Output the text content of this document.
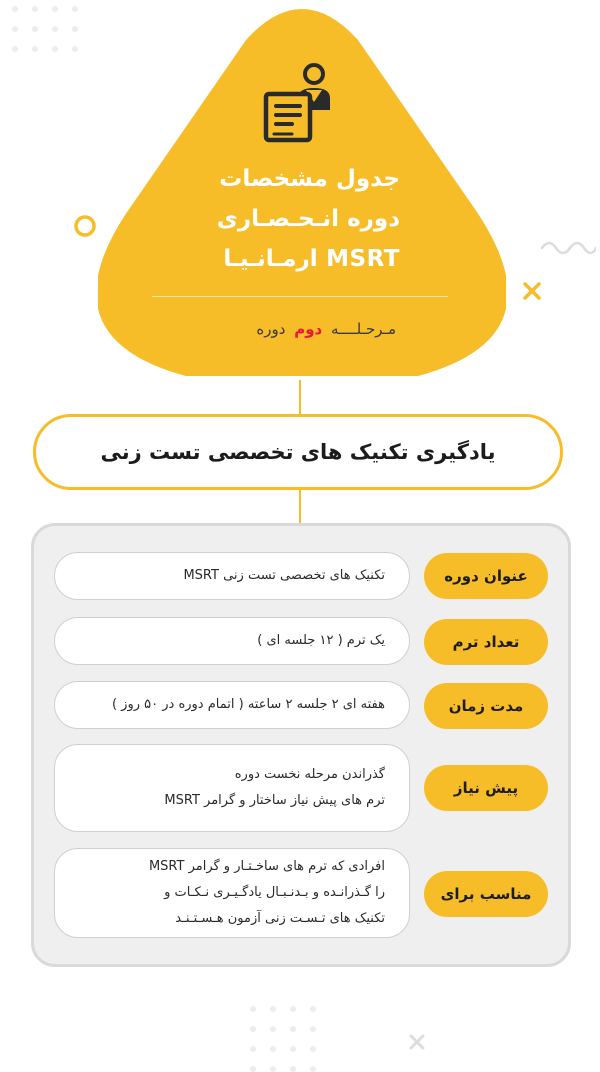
جدول مشخصات
دوره انـحـصـاری
MSRT ارمـانـیـا
مـرحـلــــه دوم دوره
یادگیری تکنیک های تخصصی تست زنی
عنوان دوره
تکنیک های تخصصی تست زنی MSRT
تعداد ترم
یک ترم ( ۱۲ جلسه ای )
مدت زمان
هفته ای ۲ جلسه ۲ ساعته ( اتمام دوره در ۵۰ روز )
پیش نیاز
گذراندن مرحله نخست دوره
ترم های پیش نیاز ساختار و گرامر MSRT
مناسب برای
افرادی که ترم های ساخـتـار و گرامر MSRT
را گـذرانـده و بـدنـبـال یادگـیـری نـکـات و
تکنیک های تـسـت زنی آزمون هـسـتـنـد
